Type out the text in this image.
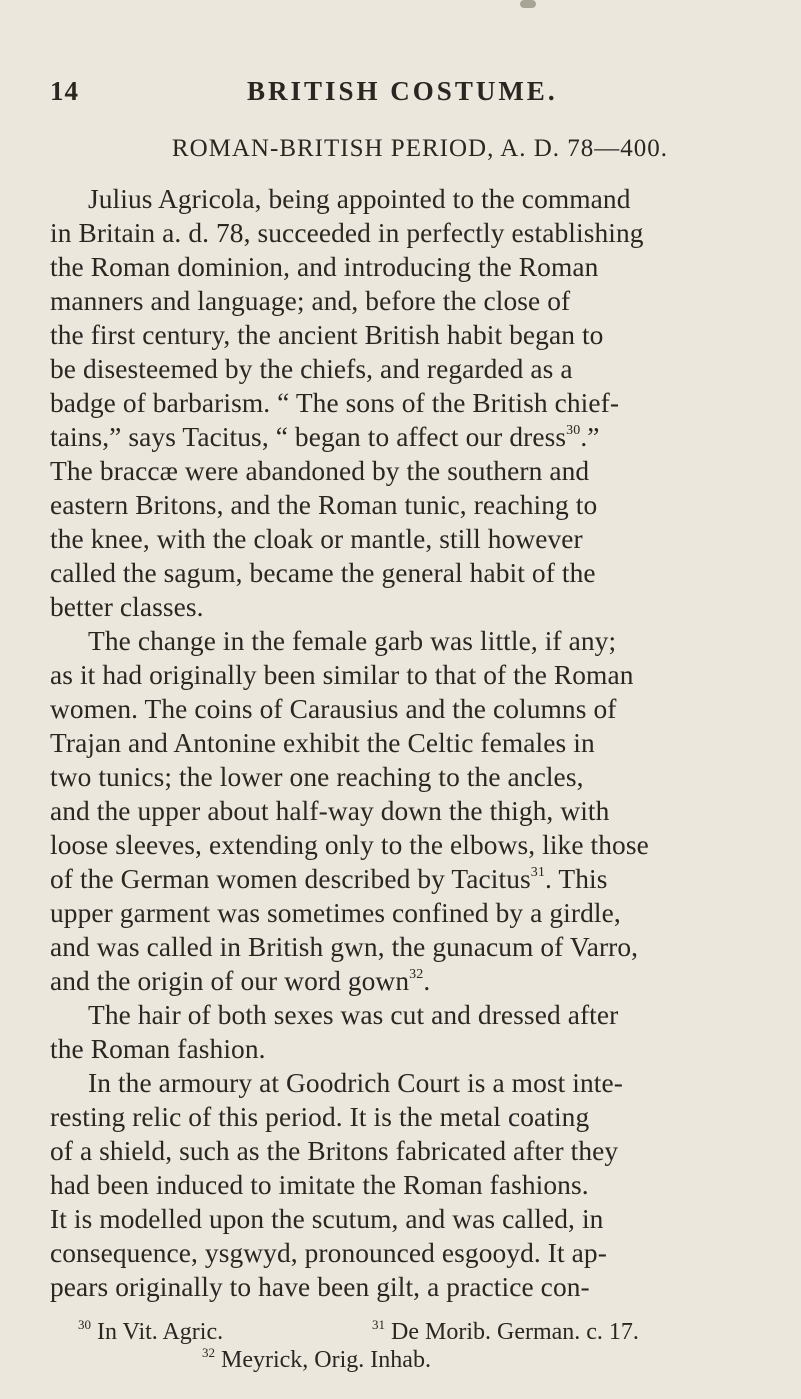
14	BRITISH COSTUME.
ROMAN-BRITISH PERIOD, A. D. 78—400.
Julius Agricola, being appointed to the command
in Britain a. d. 78, succeeded in perfectly establishing
the Roman dominion, and introducing the Roman
manners and language; and, before the close of
the first century, the ancient British habit began to
be disesteemed by the chiefs, and regarded as a
badge of barbarism. “ The sons of the British chief-
tains,” says Tacitus, “ began to affect our dress$^{30}$.”
The braccæ were abandoned by the southern and
eastern Britons, and the Roman tunic, reaching to
the knee, with the cloak or mantle, still however
called the sagum, became the general habit of the
better classes.
The change in the female garb was little, if any;
as it had originally been similar to that of the Roman
women. The coins of Carausius and the columns of
Trajan and Antonine exhibit the Celtic females in
two tunics; the lower one reaching to the ancles,
and the upper about half-way down the thigh, with
loose sleeves, extending only to the elbows, like those
of the German women described by Tacitus$^{31}$. This
upper garment was sometimes confined by a girdle,
and was called in British gwn, the gunacum of Varro,
and the origin of our word gown$^{32}$.
The hair of both sexes was cut and dressed after
the Roman fashion.
In the armoury at Goodrich Court is a most inte-
resting relic of this period. It is the metal coating
of a shield, such as the Britons fabricated after they
had been induced to imitate the Roman fashions.
It is modelled upon the scutum, and was called, in
consequence, ysgwyd, pronounced esgooyd. It ap-
pears originally to have been gilt, a practice con-
$^{30}$ In Vit. Agric.	$^{31}$ De Morib. German. c. 17.
$^{32}$ Meyrick, Orig. Inhab.
